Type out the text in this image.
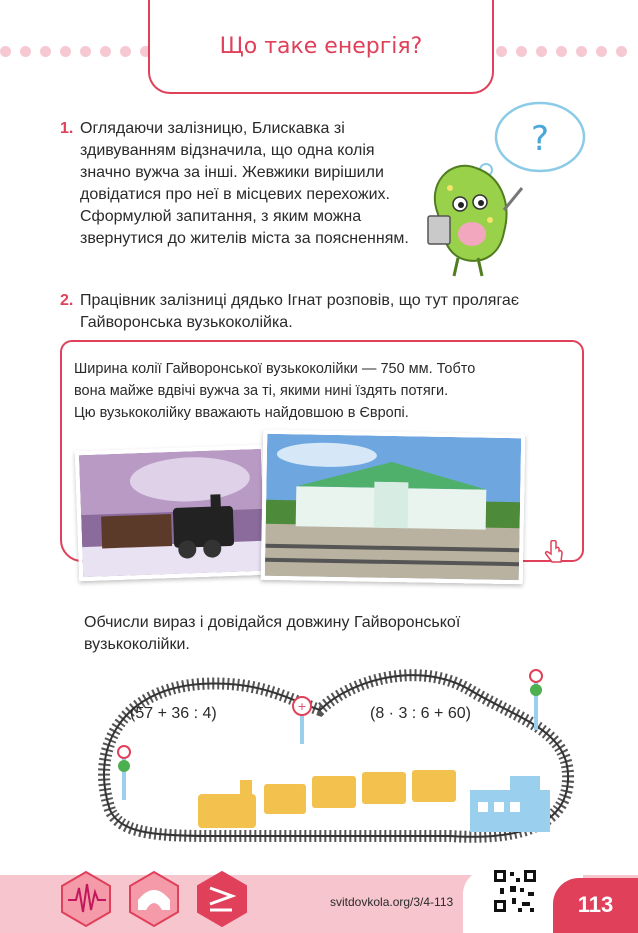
Що таке енергія?
1. Оглядаючи залізницю, Блискавка зі здивуванням відзначила, що одна колія значно вужча за інші. Жевжики вирішили довідатися про неї в місцевих перехожих. Сформулюй запитання, з яким можна звернутися до жителів міста за поясненням.
?
2. Працівник залізниці дядько Ігнат розповів, що тут пролягає Гайворонська вузькоколійка.
Ширина колії Гайворонської вузькоколійки — 750 мм. Тобто
вона майже вдвічі вужча за ті, якими нині їздять потяги.
Цю вузькоколійку вважають найдовшою в Європі.
Обчисли вираз і довідайся довжину Гайворонської вузькоколійки.
+
(57 + 36 : 4)	(8 · 3 : 6 + 60)
svitdovkola.org/3/4-113	113
